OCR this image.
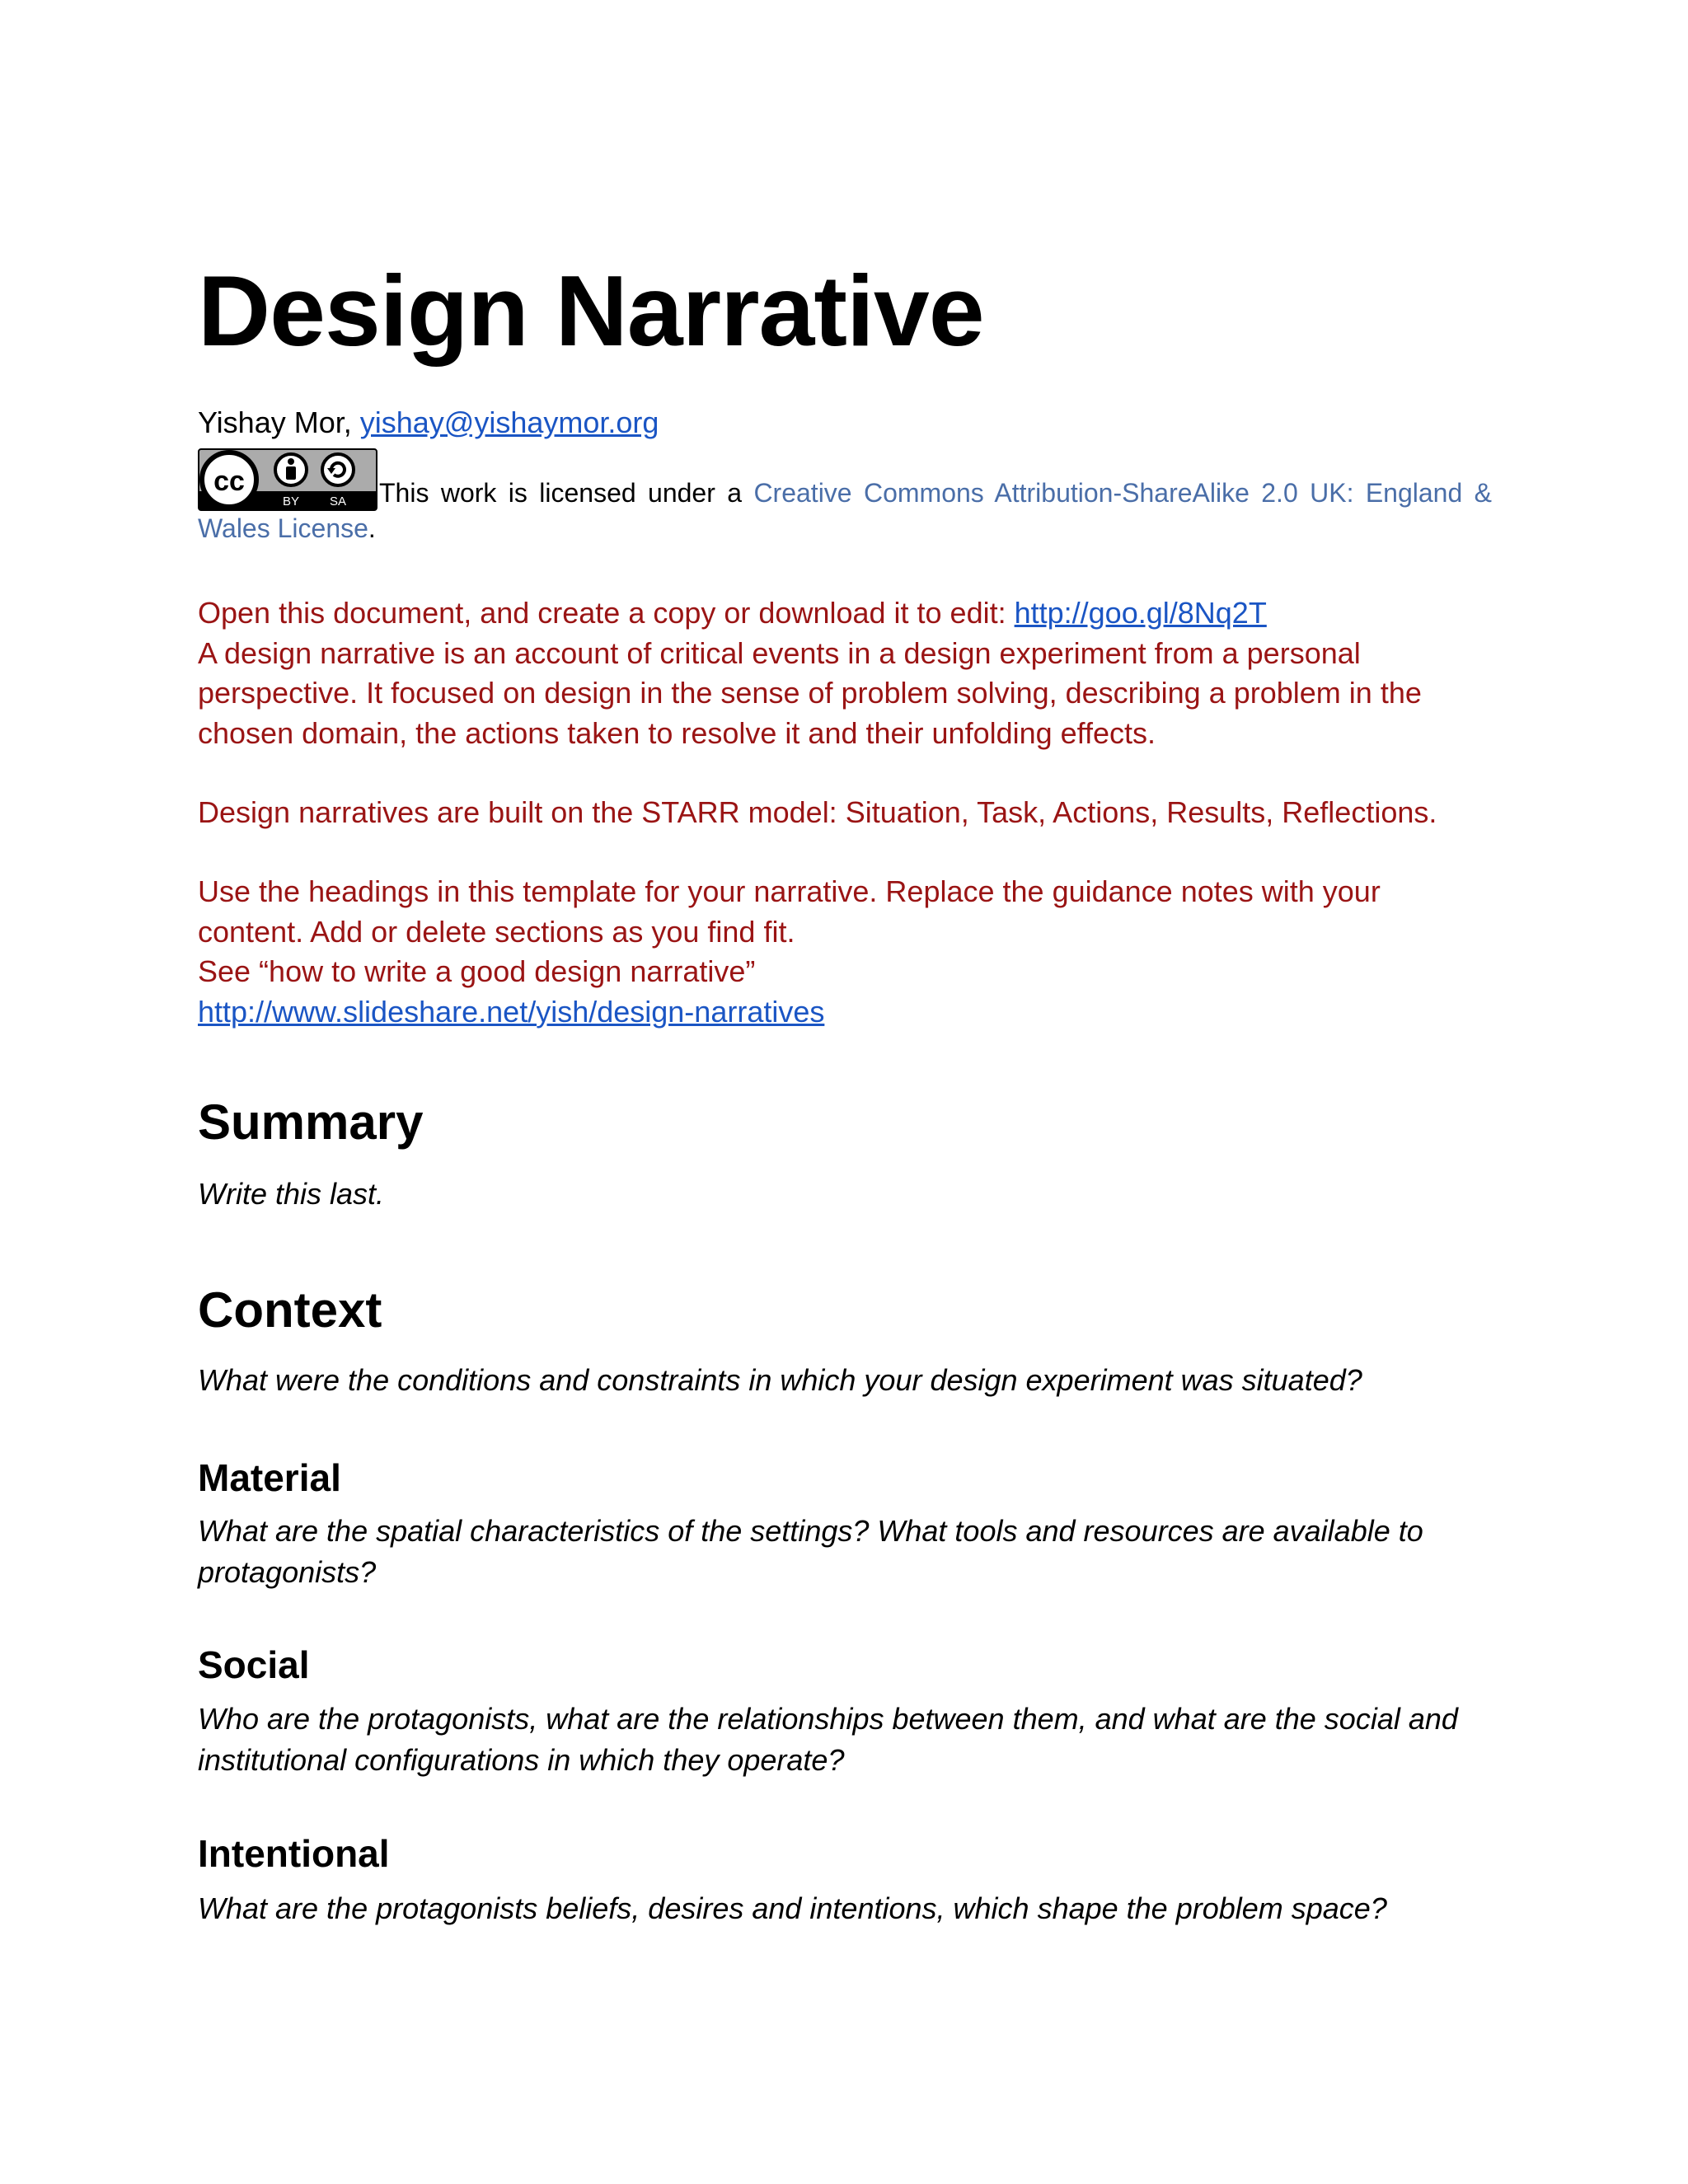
Design Narrative
Yishay Mor, yishay@yishaymor.org
cc
BY SA This work is licensed under a Creative Commons Attribution-ShareAlike 2.0 UK: England & Wales License.

Open this document, and create a copy or download it to edit: http://goo.gl/8Nq2T
A design narrative is an account of critical events in a design experiment from a personal perspective. It focused on design in the sense of problem solving, describing a problem in the chosen domain, the actions taken to resolve it and their unfolding effects.

Design narratives are built on the STARR model: Situation, Task, Actions, Results, Reflections.

Use the headings in this template for your narrative. Replace the guidance notes with your content. Add or delete sections as you find fit.
See “how to write a good design narrative”
http://www.slideshare.net/yish/design-narratives

Summary

Write this last.

Context

What were the conditions and constraints in which your design experiment was situated?

Material

What are the spatial characteristics of the settings? What tools and resources are available to protagonists?

Social

Who are the protagonists, what are the relationships between them, and what are the social and institutional configurations in which they operate?

Intentional

What are the protagonists beliefs, desires and intentions, which shape the problem space?
